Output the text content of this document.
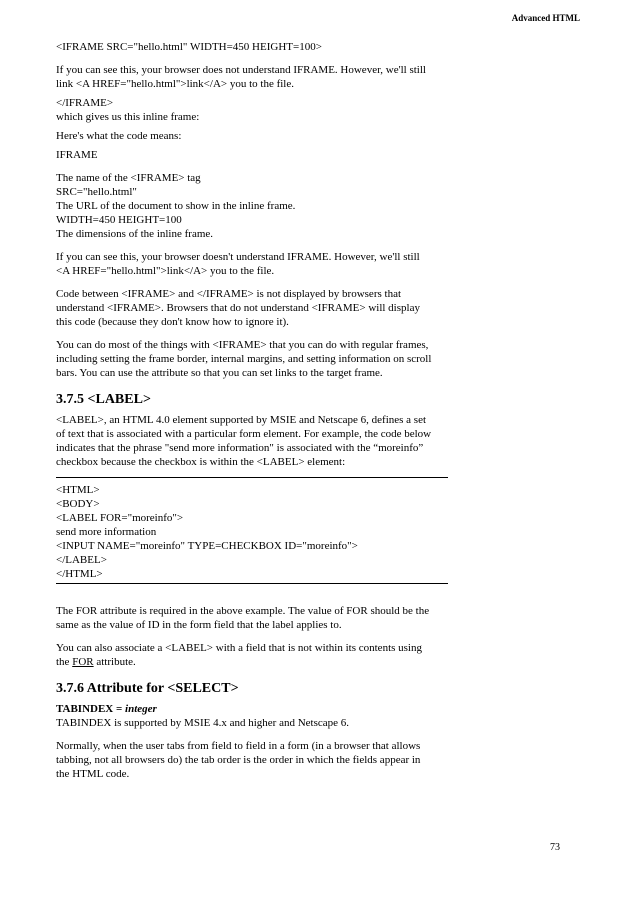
Advanced HTML

<IFRAME SRC="hello.html" WIDTH=450 HEIGHT=100>

If you can see this, your browser does not understand IFRAME. However, we'll still
link <A HREF="hello.html">link</A> you to the file.

</IFRAME>
which gives us this inline frame:

Here's what the code means:

IFRAME

The name of the <IFRAME> tag
SRC="hello.html"
The URL of the document to show in the inline frame.
WIDTH=450 HEIGHT=100
The dimensions of the inline frame.

If you can see this, your browser doesn't understand IFRAME. However, we'll still
<A HREF="hello.html">link</A> you to the file.

Code between <IFRAME> and </IFRAME> is not displayed by browsers that
understand <IFRAME>. Browsers that do not understand <IFRAME> will display
this code (because they don't know how to ignore it).

You can do most of the things with <IFRAME> that you can do with regular frames,
including setting the frame border, internal margins, and setting information on scroll
bars. You can use the attribute so that you can set links to the target frame.

3.7.5 <LABEL>

<LABEL>, an HTML 4.0 element supported by MSIE and Netscape 6, defines a set
of text that is associated with a particular form element. For example, the code below
indicates that the phrase "send more information" is associated with the “moreinfo”
checkbox because the checkbox is within the <LABEL> element:

<HTML>

<BODY>

<LABEL FOR="moreinfo">

send more information

<INPUT NAME="moreinfo" TYPE=CHECKBOX ID="moreinfo">

</LABEL>

</HTML>

The FOR attribute is required in the above example. The value of FOR should be the
same as the value of ID in the form field that the label applies to.

You can also associate a <LABEL> with a field that is not within its contents using
the FOR attribute.

3.7.6 Attribute for <SELECT>

TABINDEX = integer

TABINDEX is supported by MSIE 4.x and higher and Netscape 6.

Normally, when the user tabs from field to field in a form (in a browser that allows
tabbing, not all browsers do) the tab order is the order in which the fields appear in
the HTML code.

73
